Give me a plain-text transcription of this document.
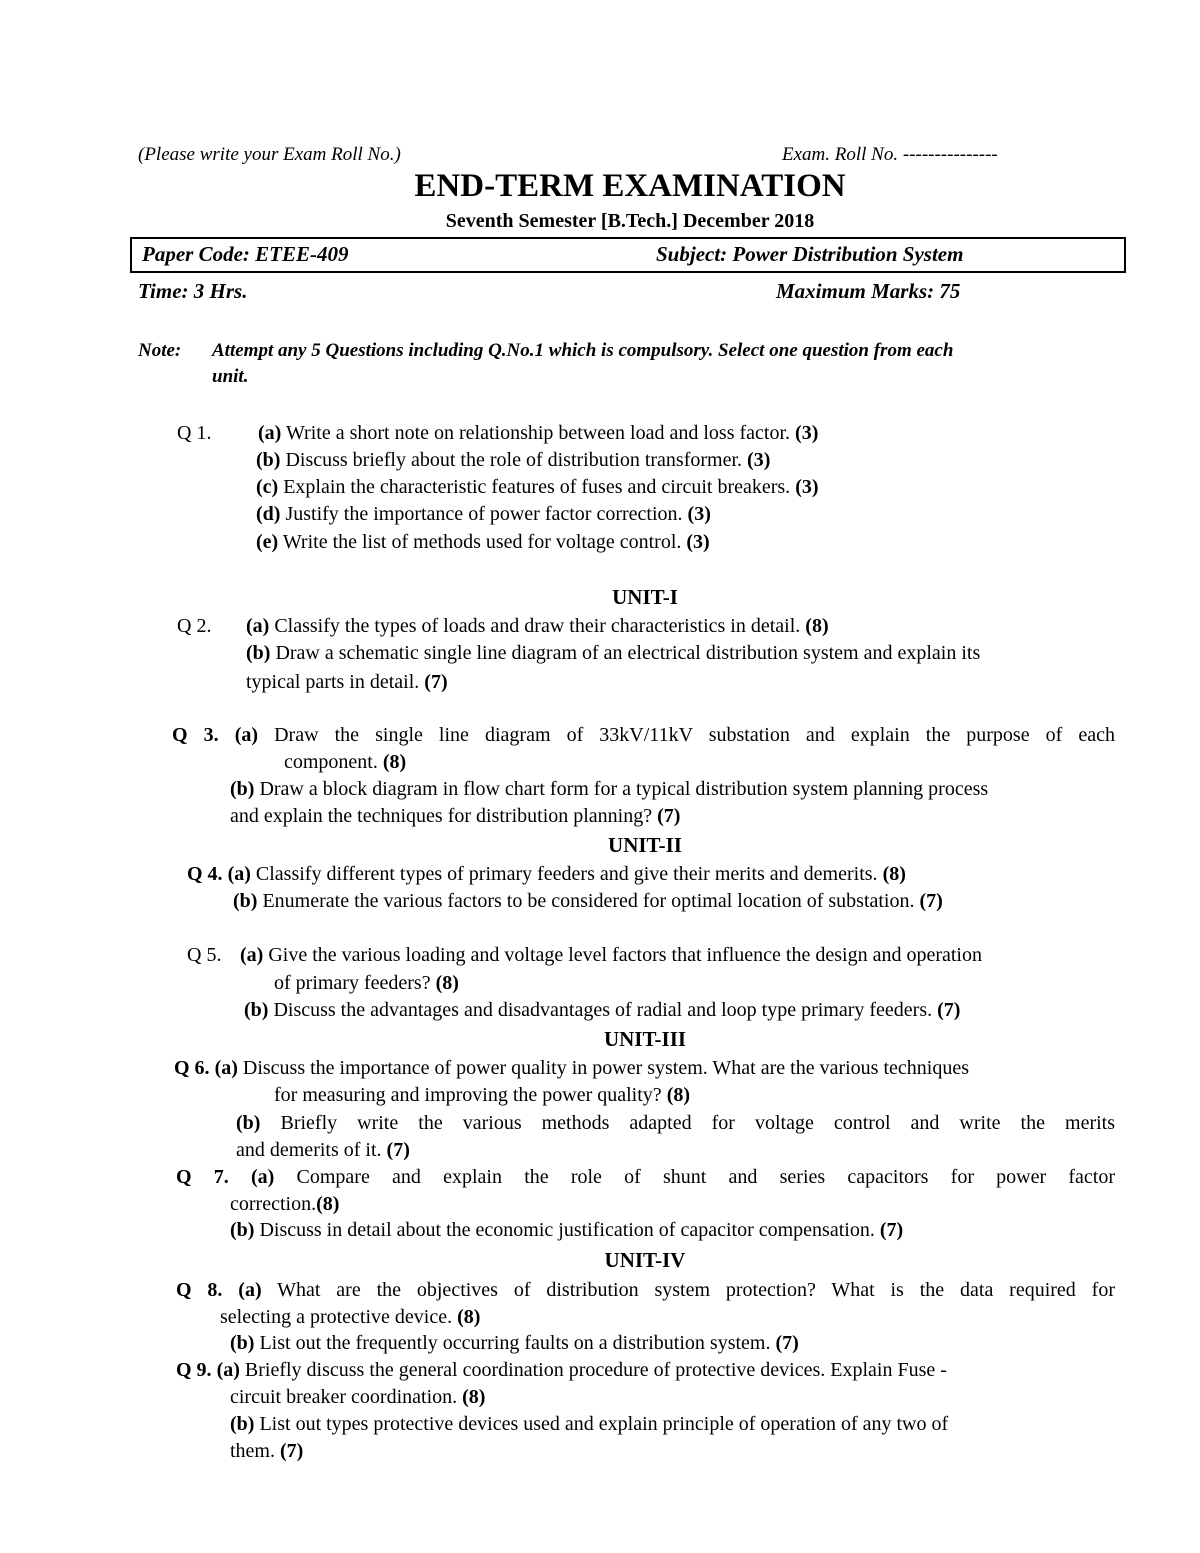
(Please write your Exam Roll No.)	Exam. Roll No. ---------------
END-TERM EXAMINATION
Seventh Semester [B.Tech.] December 2018
Paper Code: ETEE-409	Subject: Power Distribution System
Time: 3 Hrs.	Maximum Marks: 75
Note: Attempt any 5 Questions including Q.No.1 which is compulsory. Select one question from each
unit.
Q 1. (a) Write a short note on relationship between load and loss factor. (3)
(b) Discuss briefly about the role of distribution transformer. (3)
(c) Explain the characteristic features of fuses and circuit breakers. (3)
(d) Justify the importance of power factor correction. (3)
(e) Write the list of methods used for voltage control. (3)
UNIT-I
Q 2. (a) Classify the types of loads and draw their characteristics in detail. (8)
(b) Draw a schematic single line diagram of an electrical distribution system and explain its
typical parts in detail. (7)
Q 3. (a) Draw the single line diagram of 33kV/11kV substation and explain the purpose of each
component. (8)
(b) Draw a block diagram in flow chart form for a typical distribution system planning process
and explain the techniques for distribution planning? (7)
UNIT-II
Q 4. (a) Classify different types of primary feeders and give their merits and demerits. (8)
(b) Enumerate the various factors to be considered for optimal location of substation. (7)
Q 5. (a) Give the various loading and voltage level factors that influence the design and operation
of primary feeders? (8)
(b) Discuss the advantages and disadvantages of radial and loop type primary feeders. (7)
UNIT-III
Q 6. (a) Discuss the importance of power quality in power system. What are the various techniques
for measuring and improving the power quality? (8)
(b) Briefly write the various methods adapted for voltage control and write the merits
and demerits of it. (7)
Q 7. (a) Compare and explain the role of shunt and series capacitors for power factor
correction.(8)
(b) Discuss in detail about the economic justification of capacitor compensation. (7)
UNIT-IV
Q 8. (a) What are the objectives of distribution system protection? What is the data required for
selecting a protective device. (8)
(b) List out the frequently occurring faults on a distribution system. (7)
Q 9. (a) Briefly discuss the general coordination procedure of protective devices. Explain Fuse -
circuit breaker coordination. (8)
(b) List out types protective devices used and explain principle of operation of any two of
them. (7)
